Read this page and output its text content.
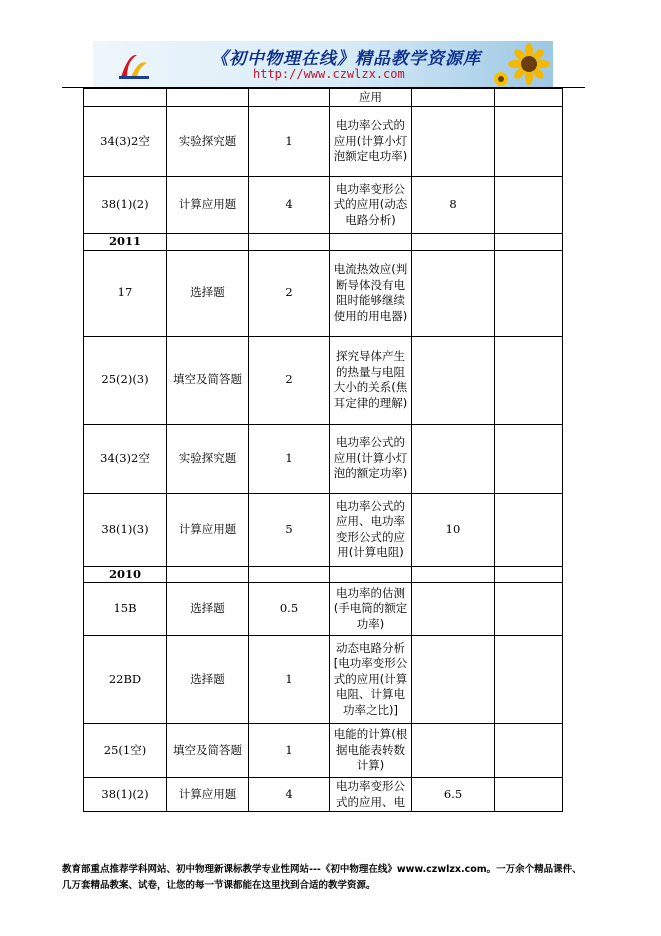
《初中物理在线》精品教学资源库
http://www.czwlzx.com

			应用		

34(3)2空	实验探究题	1	电功率公式的应用(计算小灯泡额定电功率)		

38(1)(2)	计算应用题	4	电功率变形公式的应用(动态电路分析)	8	
2011					
17	选择题	2	电流热效应(判断导体没有电阻时能够继续使用的用电器)		

25(2)(3)	填空及简答题	2	探究导体产生的热量与电阻大小的关系(焦耳定律的理解)		

34(3)2空	实验探究题	1	电功率公式的应用(计算小灯泡的额定功率)		

38(1)(3)	计算应用题	5	电功率公式的应用、电功率变形公式的应用(计算电阻)	10	
2010					
15B	选择题	0.5	电功率的估测(手电筒的额定功率)		

22BD	选择题	1	动态电路分析[电功率变形公式的应用(计算电阻、计算电功率之比)]		

25(1空)	填空及简答题	1	电能的计算(根据电能表转数计算)		

38(1)(2)	计算应用题	4	电功率变形公式的应用、电	6.5	
教育部重点推荐学科网站、初中物理新课标教学专业性网站---《初中物理在线》www.czwlzx.com。一万余个精品课件、
几万套精品教案、试卷，让您的每一节课都能在这里找到合适的教学资源。
